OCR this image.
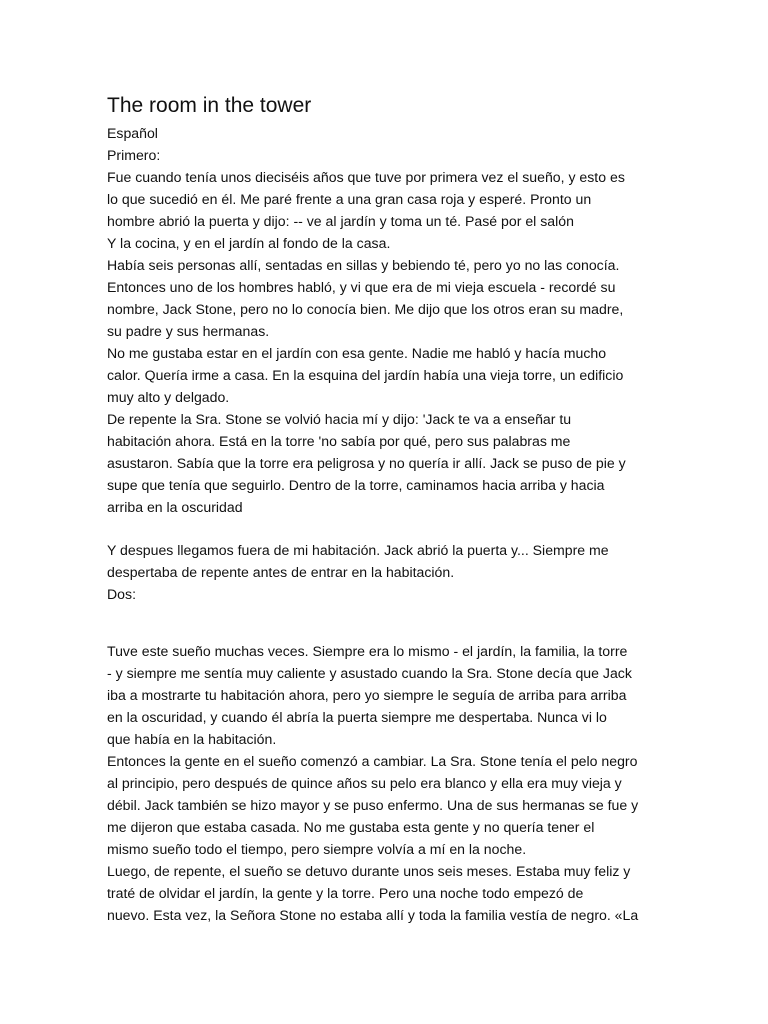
The room in the tower

Español

Primero:

Fue cuando tenía unos dieciséis años que tuve por primera vez el sueño, y esto es

lo que sucedió en él. Me paré frente a una gran casa roja y esperé. Pronto un

hombre abrió la puerta y dijo: -- ve al jardín y toma un té. Pasé por el salón

Y la cocina, y en el jardín al fondo de la casa.

Había seis personas allí, sentadas en sillas y bebiendo té, pero yo no las conocía.

Entonces uno de los hombres habló, y vi que era de mi vieja escuela - recordé su

nombre, Jack Stone, pero no lo conocía bien. Me dijo que los otros eran su madre,

su padre y sus hermanas.

No me gustaba estar en el jardín con esa gente. Nadie me habló y hacía mucho

calor. Quería irme a casa. En la esquina del jardín había una vieja torre, un edificio

muy alto y delgado.

De repente la Sra. Stone se volvió hacia mí y dijo: 'Jack te va a enseñar tu

habitación ahora. Está en la torre 'no sabía por qué, pero sus palabras me

asustaron. Sabía que la torre era peligrosa y no quería ir allí. Jack se puso de pie y

supe que tenía que seguirlo. Dentro de la torre, caminamos hacia arriba y hacia

arriba en la oscuridad

Y despues llegamos fuera de mi habitación. Jack abrió la puerta y... Siempre me

despertaba de repente antes de entrar en la habitación.

Dos:

Tuve este sueño muchas veces. Siempre era lo mismo - el jardín, la familia, la torre

- y siempre me sentía muy caliente y asustado cuando la Sra. Stone decía que Jack

iba a mostrarte tu habitación ahora, pero yo siempre le seguía de arriba para arriba

en la oscuridad, y cuando él abría la puerta siempre me despertaba. Nunca vi lo

que había en la habitación.

Entonces la gente en el sueño comenzó a cambiar. La Sra. Stone tenía el pelo negro

al principio, pero después de quince años su pelo era blanco y ella era muy vieja y

débil. Jack también se hizo mayor y se puso enfermo. Una de sus hermanas se fue y

me dijeron que estaba casada. No me gustaba esta gente y no quería tener el

mismo sueño todo el tiempo, pero siempre volvía a mí en la noche.

Luego, de repente, el sueño se detuvo durante unos seis meses. Estaba muy feliz y

traté de olvidar el jardín, la gente y la torre. Pero una noche todo empezó de

nuevo. Esta vez, la Señora Stone no estaba allí y toda la familia vestía de negro. «La
